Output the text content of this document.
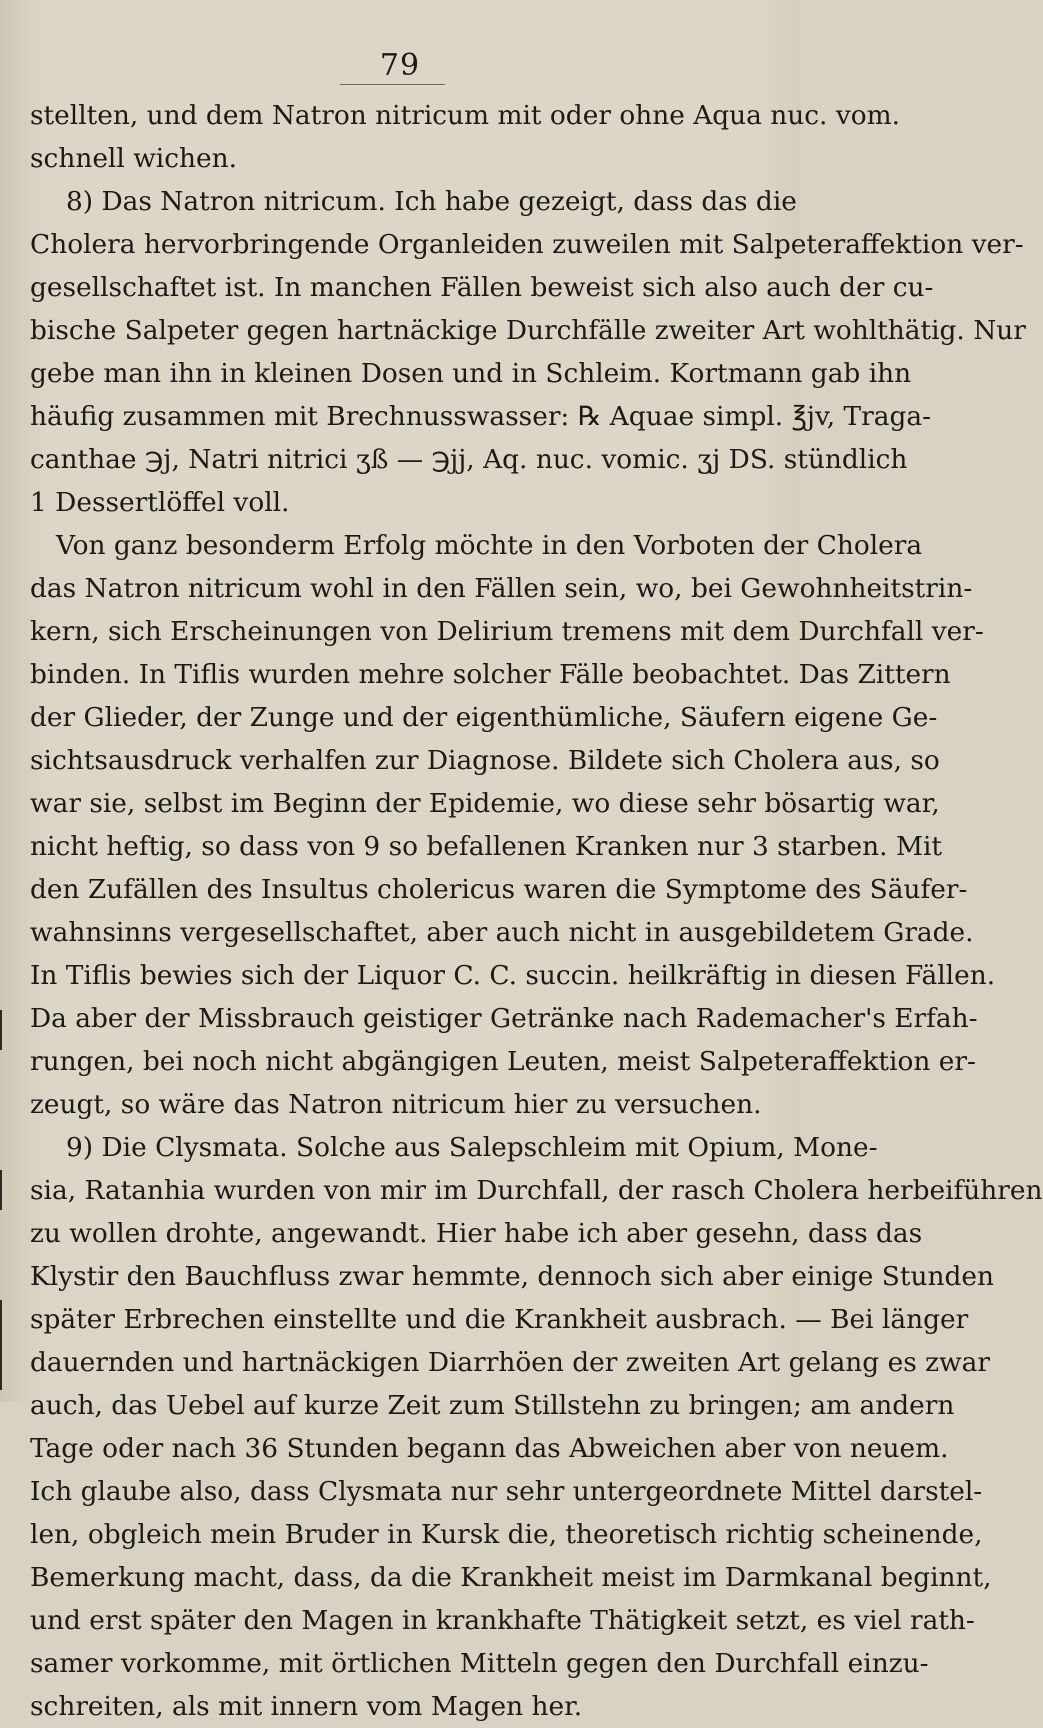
79
stellten, und dem Natron nitricum mit oder ohne Aqua nuc. vom.
schnell wichen.
8) Das Natron nitricum. Ich habe gezeigt, dass das die
Cholera hervorbringende Organleiden zuweilen mit Salpeteraffektion ver-
gesellschaftet ist. In manchen Fällen beweist sich also auch der cu-
bische Salpeter gegen hartnäckige Durchfälle zweiter Art wohlthätig. Nur
gebe man ihn in kleinen Dosen und in Schleim. Kortmann gab ihn
häufig zusammen mit Brechnusswasser: ℞ Aquae simpl. ℥jv, Traga-
canthae ℈j, Natri nitrici ʒß — ℈jj, Aq. nuc. vomic. ʒj DS. stündlich
1 Dessertlöffel voll.
Von ganz besonderm Erfolg möchte in den Vorboten der Cholera
das Natron nitricum wohl in den Fällen sein, wo, bei Gewohnheitstrin-
kern, sich Erscheinungen von Delirium tremens mit dem Durchfall ver-
binden. In Tiflis wurden mehre solcher Fälle beobachtet. Das Zittern
der Glieder, der Zunge und der eigenthümliche, Säufern eigene Ge-
sichtsausdruck verhalfen zur Diagnose. Bildete sich Cholera aus, so
war sie, selbst im Beginn der Epidemie, wo diese sehr bösartig war,
nicht heftig, so dass von 9 so befallenen Kranken nur 3 starben. Mit
den Zufällen des Insultus cholericus waren die Symptome des Säufer-
wahnsinns vergesellschaftet, aber auch nicht in ausgebildetem Grade.
In Tiflis bewies sich der Liquor C. C. succin. heilkräftig in diesen Fällen.
Da aber der Missbrauch geistiger Getränke nach Rademacher's Erfah-
rungen, bei noch nicht abgängigen Leuten, meist Salpeteraffektion er-
zeugt, so wäre das Natron nitricum hier zu versuchen.
9) Die Clysmata. Solche aus Salepschleim mit Opium, Mone-
sia, Ratanhia wurden von mir im Durchfall, der rasch Cholera herbeiführen
zu wollen drohte, angewandt. Hier habe ich aber gesehn, dass das
Klystir den Bauchfluss zwar hemmte, dennoch sich aber einige Stunden
später Erbrechen einstellte und die Krankheit ausbrach. — Bei länger
dauernden und hartnäckigen Diarrhöen der zweiten Art gelang es zwar
auch, das Uebel auf kurze Zeit zum Stillstehn zu bringen; am andern
Tage oder nach 36 Stunden begann das Abweichen aber von neuem.
Ich glaube also, dass Clysmata nur sehr untergeordnete Mittel darstel-
len, obgleich mein Bruder in Kursk die, theoretisch richtig scheinende,
Bemerkung macht, dass, da die Krankheit meist im Darmkanal beginnt,
und erst später den Magen in krankhafte Thätigkeit setzt, es viel rath-
samer vorkomme, mit örtlichen Mitteln gegen den Durchfall einzu-
schreiten, als mit innern vom Magen her.
